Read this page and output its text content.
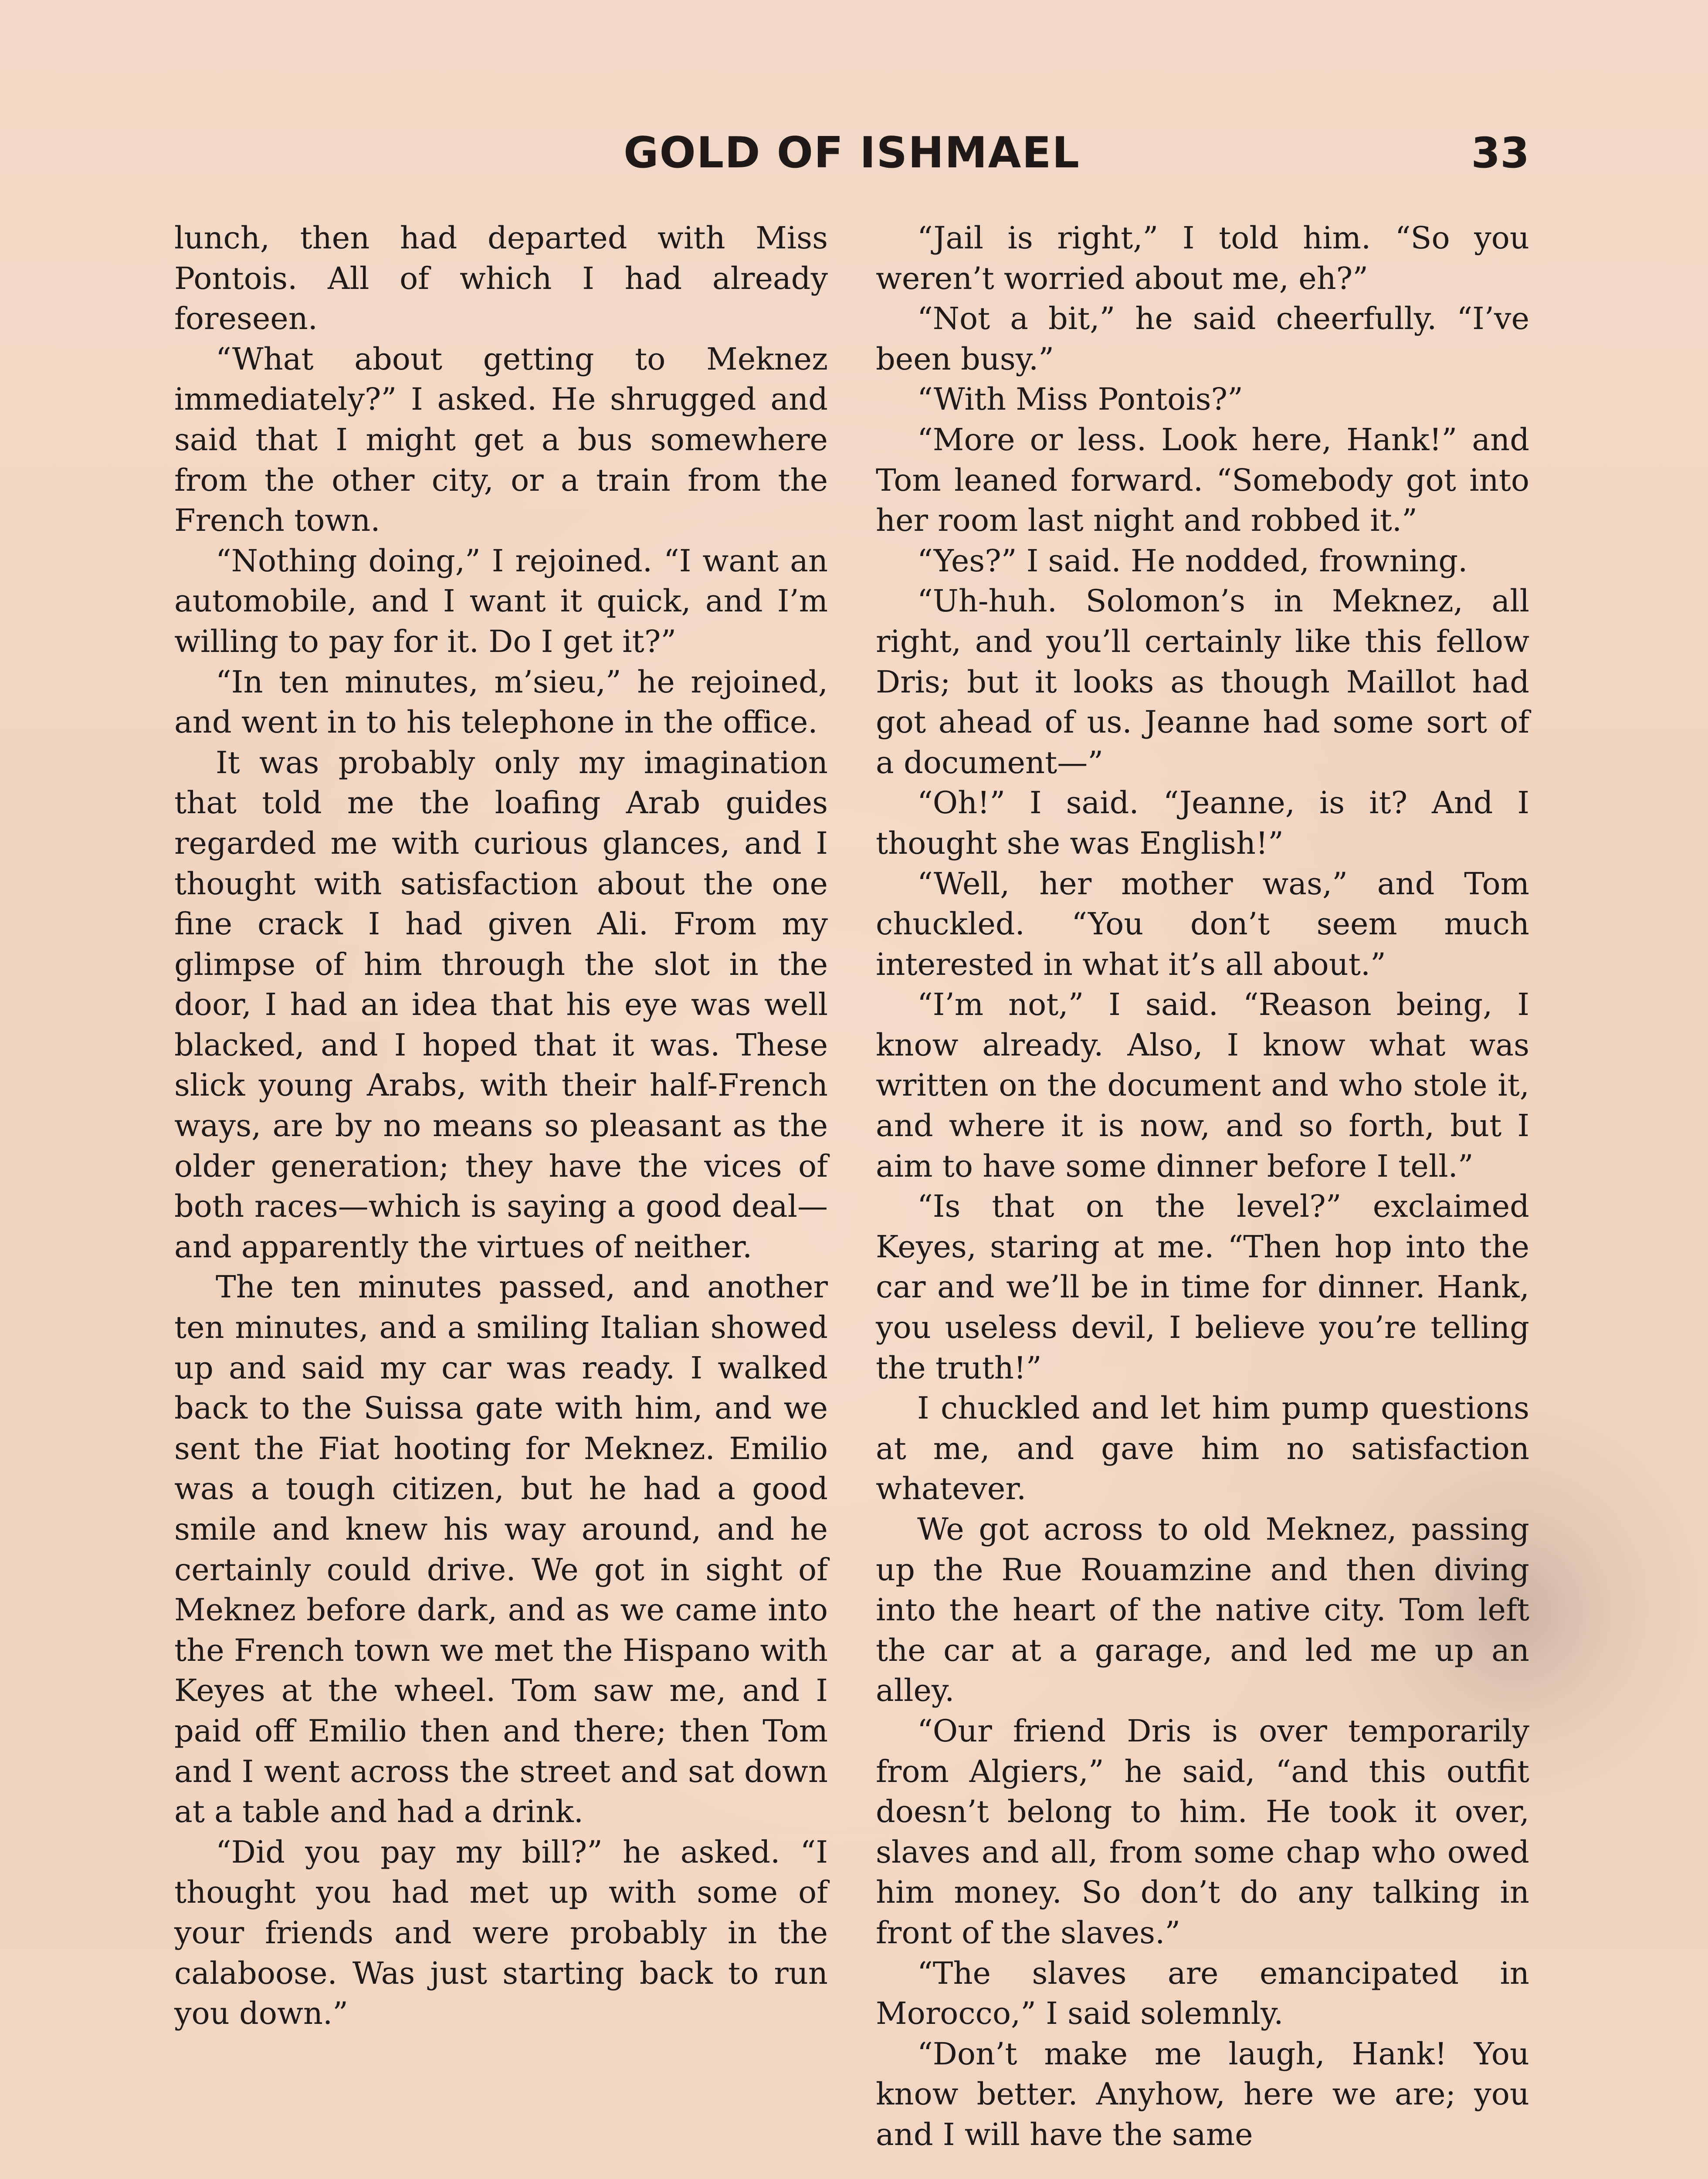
GOLD OF ISHMAEL	33

lunch, then had departed with Miss Pontois. All of which I had already foreseen.

“What about getting to Meknez immediately?” I asked. He shrugged and said that I might get a bus somewhere from the other city, or a train from the French town.

“Nothing doing,” I rejoined. “I want an automobile, and I want it quick, and I’m willing to pay for it. Do I get it?”

“In ten minutes, m’sieu,” he rejoined, and went in to his telephone in the office.

It was probably only my imagination that told me the loafing Arab guides regarded me with curious glances, and I thought with satisfaction about the one fine crack I had given Ali. From my glimpse of him through the slot in the door, I had an idea that his eye was well blacked, and I hoped that it was. These slick young Arabs, with their half-French ways, are by no means so pleasant as the older generation; they have the vices of both races—which is saying a good deal—and apparently the virtues of neither.

The ten minutes passed, and another ten minutes, and a smiling Italian showed up and said my car was ready. I walked back to the Suissa gate with him, and we sent the Fiat hooting for Meknez. Emilio was a tough citizen, but he had a good smile and knew his way around, and he certainly could drive. We got in sight of Meknez before dark, and as we came into the French town we met the Hispano with Keyes at the wheel. Tom saw me, and I paid off Emilio then and there; then Tom and I went across the street and sat down at a table and had a drink.

“Did you pay my bill?” he asked. “I thought you had met up with some of your friends and were probably in the calaboose. Was just starting back to run you down.”

“Jail is right,” I told him. “So you weren’t worried about me, eh?”

“Not a bit,” he said cheerfully. “I’ve been busy.”

“With Miss Pontois?”

“More or less. Look here, Hank!” and Tom leaned forward. “Somebody got into her room last night and robbed it.”

“Yes?” I said. He nodded, frowning.

“Uh-huh. Solomon’s in Meknez, all right, and you’ll certainly like this fellow Dris; but it looks as though Maillot had got ahead of us. Jeanne had some sort of a document—”

“Oh!” I said. “Jeanne, is it? And I thought she was English!”

“Well, her mother was,” and Tom chuckled. “You don’t seem much interested in what it’s all about.”

“I’m not,” I said. “Reason being, I know already. Also, I know what was written on the document and who stole it, and where it is now, and so forth, but I aim to have some dinner before I tell.”

“Is that on the level?” exclaimed Keyes, staring at me. “Then hop into the car and we’ll be in time for dinner. Hank, you useless devil, I believe you’re telling the truth!”

I chuckled and let him pump questions at me, and gave him no satisfaction whatever.

We got across to old Meknez, passing up the Rue Rouamzine and then diving into the heart of the native city. Tom left the car at a garage, and led me up an alley.

“Our friend Dris is over temporarily from Algiers,” he said, “and this outfit doesn’t belong to him. He took it over, slaves and all, from some chap who owed him money. So don’t do any talking in front of the slaves.”

“The slaves are emancipated in Morocco,” I said solemnly.

“Don’t make me laugh, Hank! You know better. Anyhow, here we are; you and I will have the same
